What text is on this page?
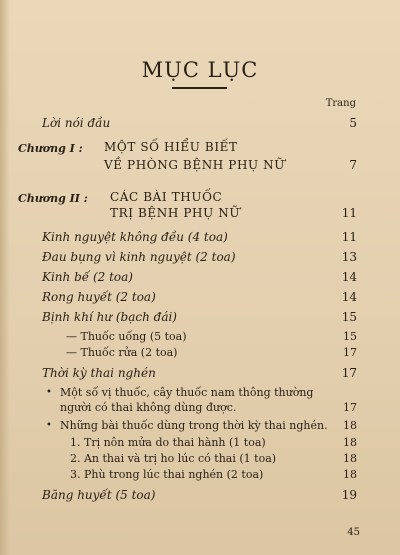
MỤC LỤC
Trang
Lời nói đầu	5
Chương I : MỘT SỐ HIỂU BIẾT
VỀ PHÒNG BỆNH PHỤ NỮ	7
Chương II : CÁC BÀI THUỐC
TRỊ BỆNH PHỤ NỮ	11
Kinh nguyệt không đều (4 toa)	11
Đau bụng vì kinh nguyệt (2 toa)	13
Kinh bế (2 toa)	14
Rong huyết (2 toa)	14
Bịnh khí hư (bạch đái)	15
— Thuốc uống (5 toa)	15
— Thuốc rửa (2 toa)	17
Thời kỳ thai nghén	17
• Một số vị thuốc, cây thuốc nam thông thường
người có thai không dùng được.	17
• Những bài thuốc dùng trong thời kỳ thai nghén. 18
1. Trị nôn mửa do thai hành (1 toa)	18
2. An thai và trị ho lúc có thai (1 toa)	18
3. Phù trong lúc thai nghén (2 toa)	18
Băng huyết (5 toa)	19
45
